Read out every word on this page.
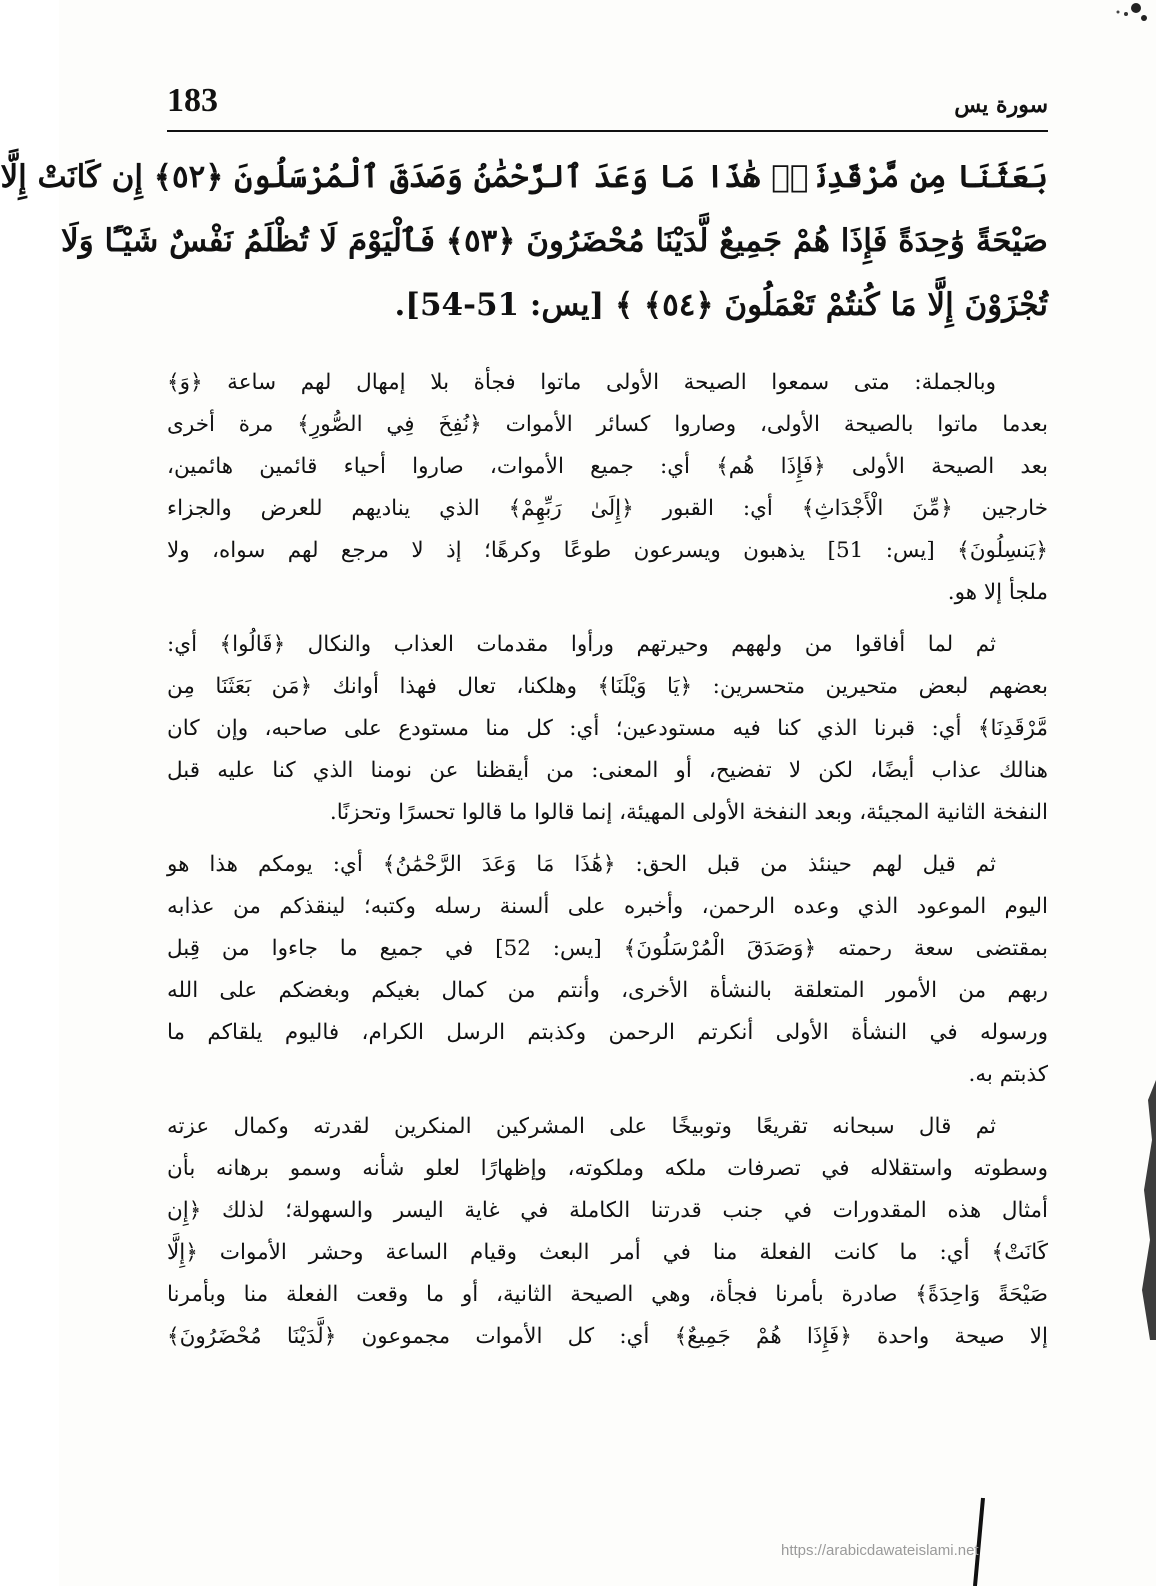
183	سورة يس
بَعَثَنَا مِن مَّرْقَدِنَاۜ هَٰذَا مَا وَعَدَ ٱلرَّحْمَٰنُ وَصَدَقَ ٱلْمُرْسَلُونَ ﴿٥٢﴾ إِن كَانَتْ إِلَّا
صَيْحَةً وَٰحِدَةً فَإِذَا هُمْ جَمِيعٌ لَّدَيْنَا مُحْضَرُونَ ﴿٥٣﴾ فَٱلْيَوْمَ لَا تُظْلَمُ نَفْسٌ شَيْـًٔا وَلَا
تُجْزَوْنَ إِلَّا مَا كُنتُمْ تَعْمَلُونَ ﴿٥٤﴾ ﴾ [يس: 51-54].
وبالجملة: متى سمعوا الصيحة الأولى ماتوا فجأة بلا إمهال لهم ساعة ﴿وَ﴾
بعدما ماتوا بالصيحة الأولى، وصاروا كسائر الأموات ﴿نُفِخَ فِي الصُّورِ﴾ مرة أخرى
بعد الصيحة الأولى ﴿فَإِذَا هُم﴾ أي: جميع الأموات، صاروا أحياء قائمين هائمين،
خارجين ﴿مِّنَ الْأَجْدَاثِ﴾ أي: القبور ﴿إِلَىٰ رَبِّهِمْ﴾ الذي يناديهم للعرض والجزاء
﴿يَنسِلُونَ﴾ [يس: 51] يذهبون ويسرعون طوعًا وكرهًا؛ إذ لا مرجع لهم سواه، ولا
ملجأ إلا هو.
ثم لما أفاقوا من ولههم وحيرتهم ورأوا مقدمات العذاب والنكال ﴿قَالُوا﴾ أي:
بعضهم لبعض متحيرين متحسرين: ﴿يَا وَيْلَنَا﴾ وهلكنا، تعال فهذا أوانك ﴿مَن بَعَثَنَا مِن
مَّرْقَدِنَا﴾ أي: قبرنا الذي كنا فيه مستودعين؛ أي: كل منا مستودع على صاحبه، وإن كان
هنالك عذاب أيضًا، لكن لا تفضيح، أو المعنى: من أيقظنا عن نومنا الذي كنا عليه قبل
النفخة الثانية المجيئة، وبعد النفخة الأولى المهيئة، إنما قالوا ما قالوا تحسرًا وتحزنًا.
ثم قيل لهم حينئذ من قبل الحق: ﴿هَٰذَا مَا وَعَدَ الرَّحْمَٰنُ﴾ أي: يومكم هذا هو
اليوم الموعود الذي وعده الرحمن، وأخبره على ألسنة رسله وكتبه؛ لينقذكم من عذابه
بمقتضى سعة رحمته ﴿وَصَدَقَ الْمُرْسَلُونَ﴾ [يس: 52] في جميع ما جاءوا من قِبل
ربهم من الأمور المتعلقة بالنشأة الأخرى، وأنتم من كمال بغيكم وبغضكم على الله
ورسوله في النشأة الأولى أنكرتم الرحمن وكذبتم الرسل الكرام، فاليوم يلقاكم ما
كذبتم به.
ثم قال سبحانه تقريعًا وتوبيخًا على المشركين المنكرين لقدرته وكمال عزته
وسطوته واستقلاله في تصرفات ملكه وملكوته، وإظهارًا لعلو شأنه وسمو برهانه بأن
أمثال هذه المقدورات في جنب قدرتنا الكاملة في غاية اليسر والسهولة؛ لذلك ﴿إِن
كَانَتْ﴾ أي: ما كانت الفعلة منا في أمر البعث وقيام الساعة وحشر الأموات ﴿إِلَّا
صَيْحَةً وَاحِدَةً﴾ صادرة بأمرنا فجأة، وهي الصيحة الثانية، أو ما وقعت الفعلة منا وبأمرنا
إلا صيحة واحدة ﴿فَإِذَا هُمْ جَمِيعٌ﴾ أي: كل الأموات مجموعون ﴿لَّدَيْنَا مُحْضَرُونَ﴾
https://arabicdawateislami.net
